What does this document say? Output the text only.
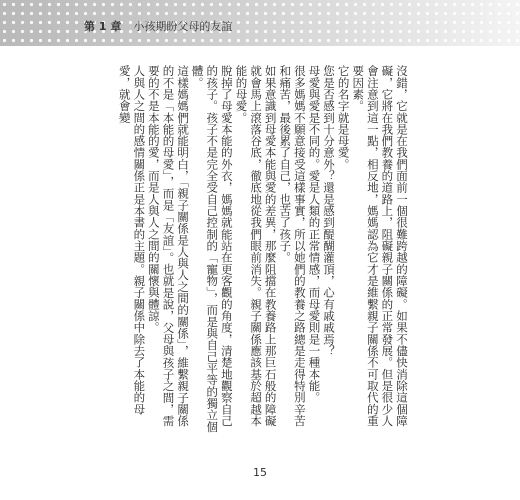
第 1 章 小孩期盼父母的友誼

沒錯，它就是在我們面前一個很難跨越的障礙。如果不儘快消除這個障礙，它將在我們教養的道路上，阻礙親子關係的正常發展。但是很少人會注意到這一點，相反地，媽媽認為它才是維繫親子關係不可取代的重要因素。

它的名字就是母愛。

您是否感到十分意外？還是感到醍醐灌頂，心有戚戚焉？

母愛與愛是不同的。愛是人類的正常情感，而母愛則是一種本能。

很多媽媽不願意接受這樣事實，所以她們的教養之路總是走得特別辛苦和痛苦，最後累了自己，也苦了孩子。

如果意識到母愛本能與愛的差異，那麼阻擋在教養路上那巨石般的障礙就會馬上滾落谷底，徹底地從我們眼前消失。親子關係應該基於超越本能的母愛。

脫掉了母愛本能的外衣，媽媽就能站在更客觀的角度，清楚地觀察自己的孩子。孩子不是完全受自己控制的「寵物」，而是與自己平等的獨立個體。

這樣媽媽們就能明白，「親子關係是人與人之間的關係」，維繫親子關係的不是「本能的母愛」，而是「友誼」。也就是說，父母與孩子之間，需要的不是本能的愛，而是人與人之間的關懷與體諒。

人與人之間的感情關係正是本書的主題。親子關係中除去了本能的母愛，就會變

15
